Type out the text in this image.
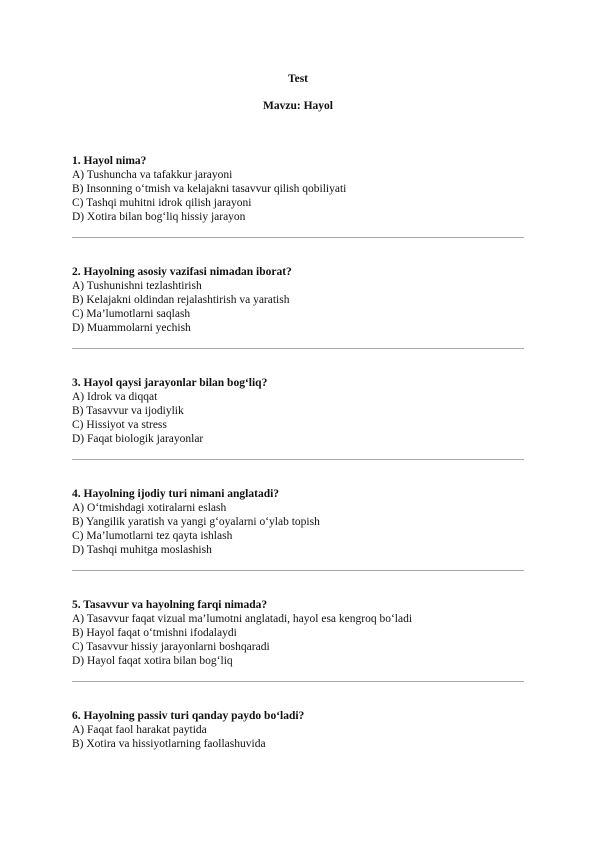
Test
Mavzu: Hayol
1. Hayol nima?
A) Tushuncha va tafakkur jarayoni
B) Insonning o‘tmish va kelajakni tasavvur qilish qobiliyati
C) Tashqi muhitni idrok qilish jarayoni
D) Xotira bilan bog‘liq hissiy jarayon
2. Hayolning asosiy vazifasi nimadan iborat?
A) Tushunishni tezlashtirish
B) Kelajakni oldindan rejalashtirish va yaratish
C) Ma’lumotlarni saqlash
D) Muammolarni yechish
3. Hayol qaysi jarayonlar bilan bog‘liq?
A) Idrok va diqqat
B) Tasavvur va ijodiylik
C) Hissiyot va stress
D) Faqat biologik jarayonlar
4. Hayolning ijodiy turi nimani anglatadi?
A) O‘tmishdagi xotiralarni eslash
B) Yangilik yaratish va yangi g‘oyalarni o‘ylab topish
C) Ma’lumotlarni tez qayta ishlash
D) Tashqi muhitga moslashish
5. Tasavvur va hayolning farqi nimada?
A) Tasavvur faqat vizual ma’lumotni anglatadi, hayol esa kengroq bo‘ladi
B) Hayol faqat o‘tmishni ifodalaydi
C) Tasavvur hissiy jarayonlarni boshqaradi
D) Hayol faqat xotira bilan bog‘liq
6. Hayolning passiv turi qanday paydo bo‘ladi?
A) Faqat faol harakat paytida
B) Xotira va hissiyotlarning faollashuvida
